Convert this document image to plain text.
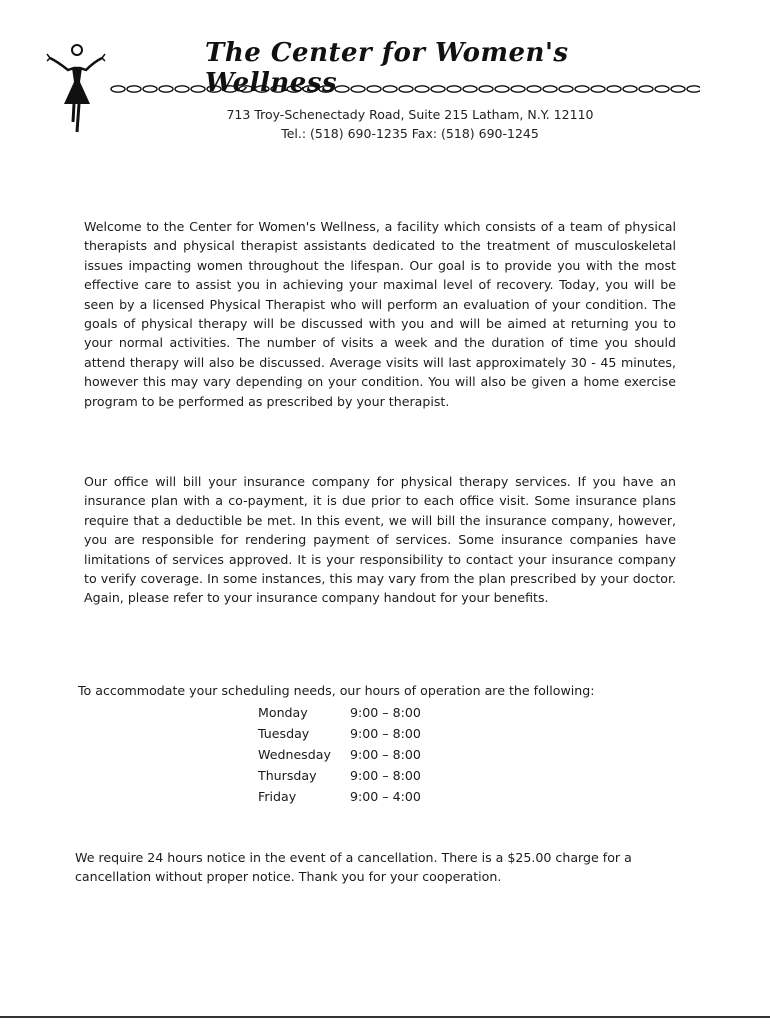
The Center for Women's Wellness
713 Troy-Schenectady Road, Suite 215 Latham, N.Y. 12110
Tel.: (518) 690-1235 Fax: (518) 690-1245

Welcome to the Center for Women's Wellness, a facility which consists of a team of physical therapists and physical therapist assistants dedicated to the treatment of musculoskeletal issues impacting women throughout the lifespan. Our goal is to provide you with the most effective care to assist you in achieving your maximal level of recovery. Today, you will be seen by a licensed Physical Therapist who will perform an evaluation of your condition. The goals of physical therapy will be discussed with you and will be aimed at returning you to your normal activities. The number of visits a week and the duration of time you should attend therapy will also be discussed. Average visits will last approximately 30 - 45 minutes, however this may vary depending on your condition. You will also be given a home exercise program to be performed as prescribed by your therapist.

Our office will bill your insurance company for physical therapy services. If you have an insurance plan with a co-payment, it is due prior to each office visit. Some insurance plans require that a deductible be met. In this event, we will bill the insurance company, however, you are responsible for rendering payment of services. Some insurance companies have limitations of services approved. It is your responsibility to contact your insurance company to verify coverage. In some instances, this may vary from the plan prescribed by your doctor. Again, please refer to your insurance company handout for your benefits.

To accommodate your scheduling needs, our hours of operation are the following:
Monday	9:00 – 8:00
Tuesday	9:00 – 8:00
Wednesday	9:00 – 8:00
Thursday	9:00 – 8:00
Friday	9:00 – 4:00

We require 24 hours notice in the event of a cancellation. There is a $25.00 charge for a cancellation without proper notice. Thank you for your cooperation.
